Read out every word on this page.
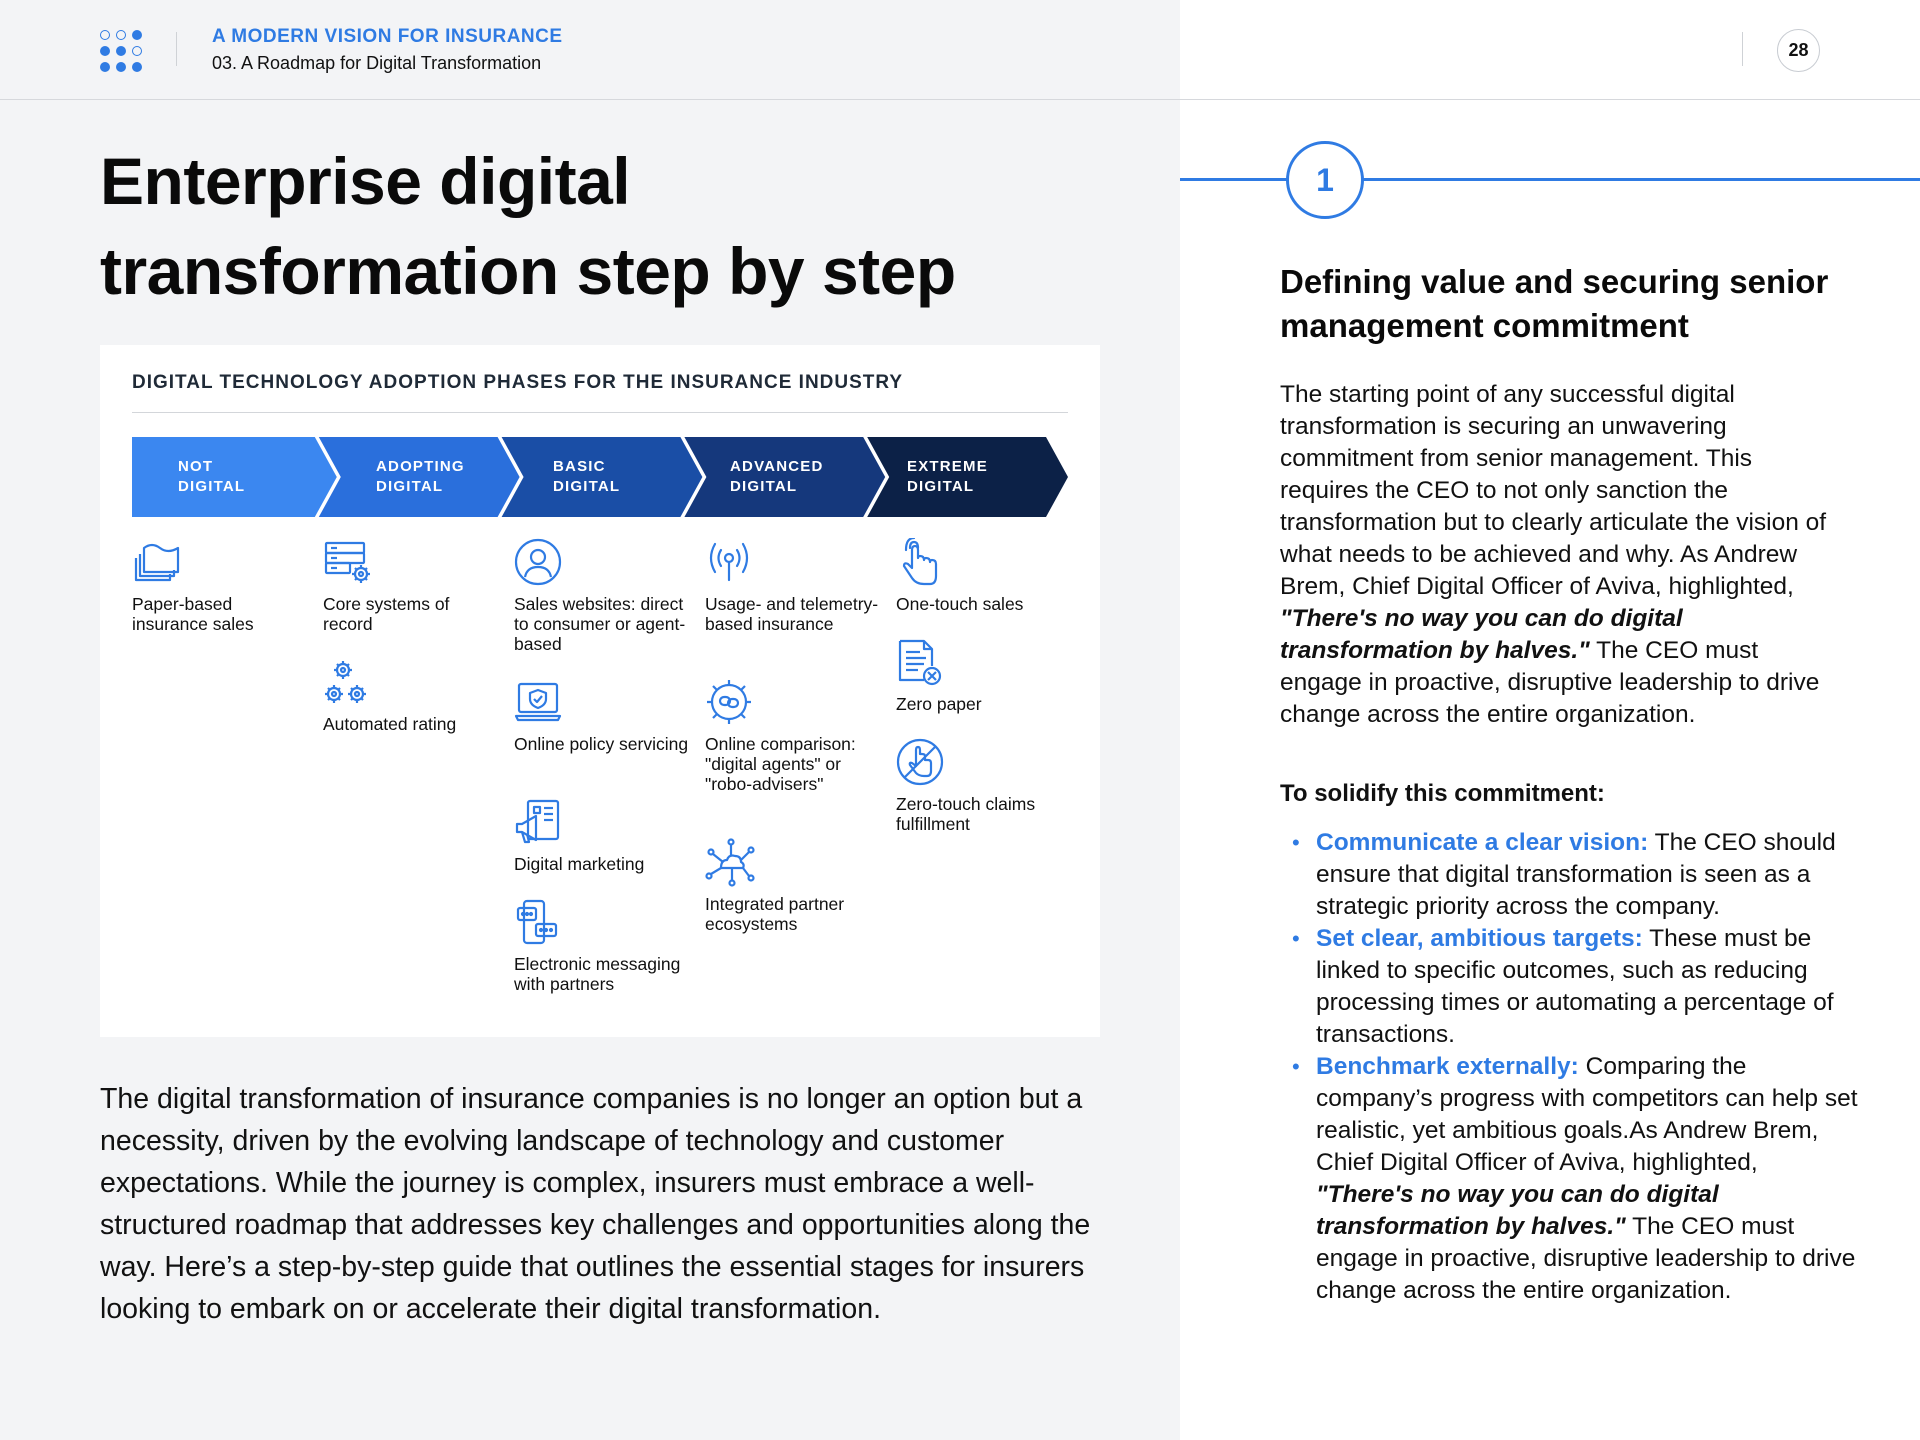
A MODERN VISION FOR INSURANCE
03. A Roadmap for Digital Transformation
28
Enterprise digital
transformation step by step
DIGITAL TECHNOLOGY ADOPTION PHASES FOR THE INSURANCE INDUSTRY
NOT
DIGITAL
ADOPTING
DIGITAL
BASIC
DIGITAL
ADVANCED
DIGITAL
EXTREME
DIGITAL
Paper-based insurance sales
Core systems of record
Automated rating
Sales websites: direct to consumer or agent-based
Online policy servicing
Digital marketing
Electronic messaging with partners
Usage- and telemetry-based insurance
Online comparison: "digital agents" or "robo-advisers"
Integrated partner ecosystems
One-touch sales
Zero paper
Zero-touch claims fulfillment

The digital transformation of insurance companies is no longer an option but a necessity, driven by the evolving landscape of technology and customer expectations. While the journey is complex, insurers must embrace a well-structured roadmap that addresses key challenges and opportunities along the way. Here’s a step-by-step guide that outlines the essential stages for insurers looking to embark on or accelerate their digital transformation.

1
Defining value and securing senior management commitment

The starting point of any successful digital transformation is securing an unwavering commitment from senior management. This requires the CEO to not only sanction the transformation but to clearly articulate the vision of what needs to be achieved and why. As Andrew Brem, Chief Digital Officer of Aviva, highlighted, "There's no way you can do digital transformation by halves." The CEO must engage in proactive, disruptive leadership to drive change across the entire organization.

To solidify this commitment:

• Communicate a clear vision: The CEO should ensure that digital transformation is seen as a strategic priority across the company.
• Set clear, ambitious targets: These must be linked to specific outcomes, such as reducing processing times or automating a percentage of transactions.
• Benchmark externally: Comparing the company’s progress with competitors can help set realistic, yet ambitious goals.As Andrew Brem, Chief Digital Officer of Aviva, highlighted, "There's no way you can do digital transformation by halves." The CEO must engage in proactive, disruptive leadership to drive change across the entire organization.
